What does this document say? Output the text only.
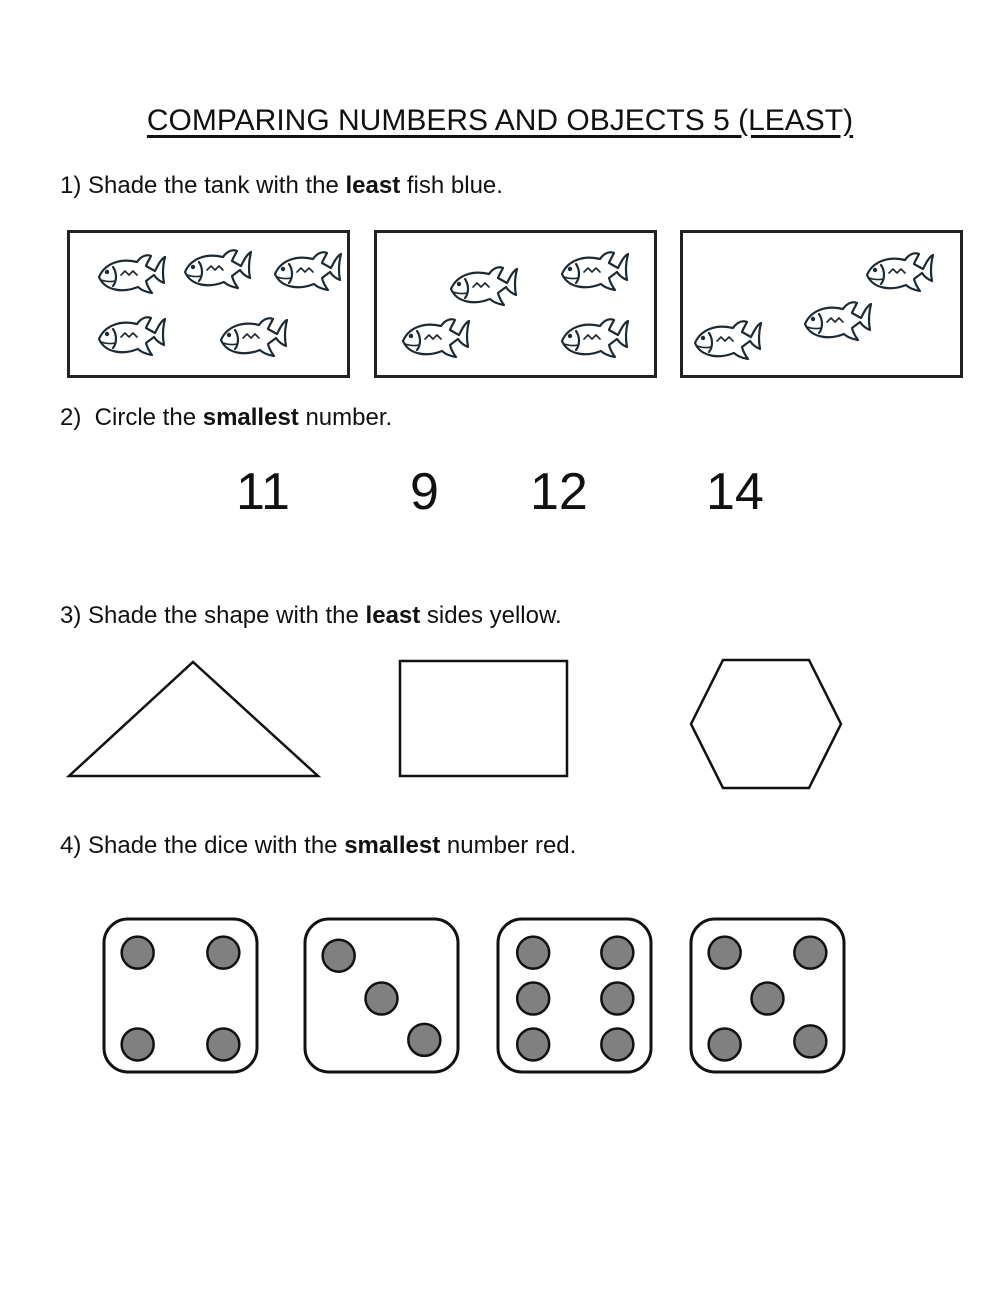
COMPARING NUMBERS AND OBJECTS 5 (LEAST)
1) Shade the tank with the least fish blue.
2)  Circle the smallest number.
11 9 12 14
3) Shade the shape with the least sides yellow.
4) Shade the dice with the smallest number red.
